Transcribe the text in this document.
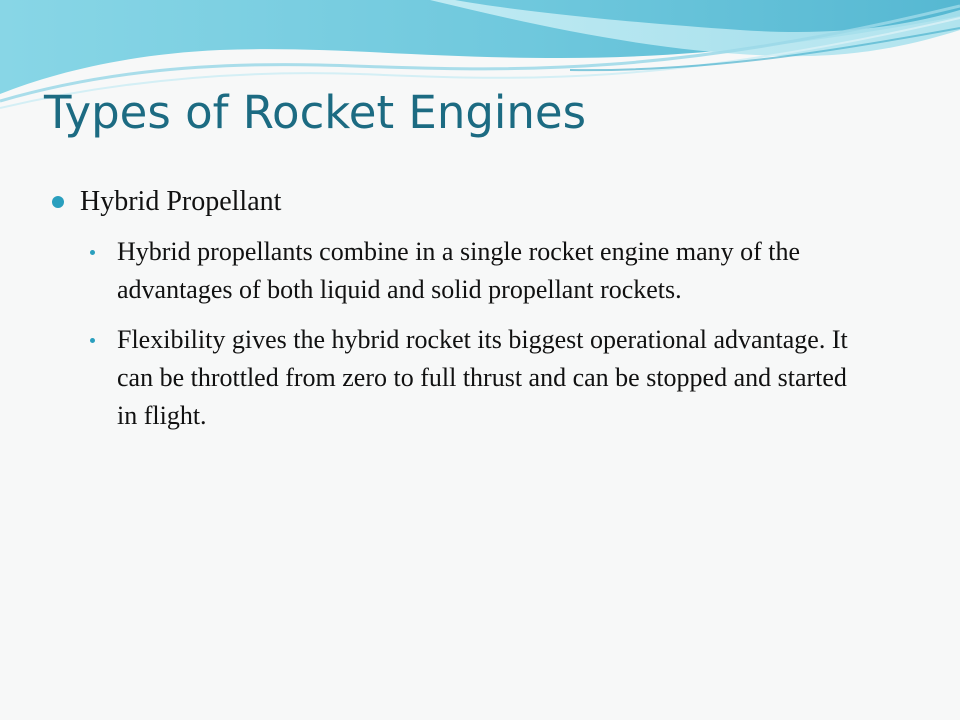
Types of Rocket Engines
Hybrid Propellant
Hybrid propellants combine in a single rocket engine many of the advantages of both liquid and solid propellant rockets.
Flexibility gives the hybrid rocket its biggest operational advantage. It can be throttled from zero to full thrust and can be stopped and started in flight.
